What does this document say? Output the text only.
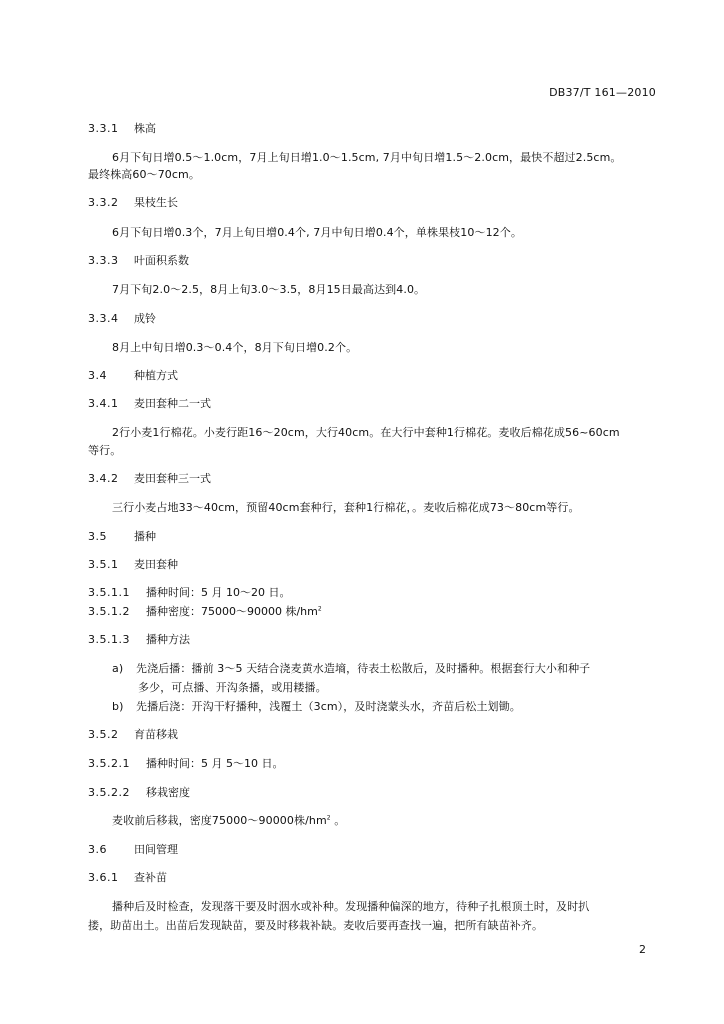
DB37/T 161—2010
3.3.1 株高
6月下旬日增0.5～1.0cm，7月上旬日增1.0～1.5cm, 7月中旬日增1.5～2.0cm，最快不超过2.5cm。
最终株高60～70cm。
3.3.2 果枝生长
6月下旬日增0.3个，7月上旬日增0.4个, 7月中旬日增0.4个，单株果枝10～12个。
3.3.3 叶面积系数
7月下旬2.0～2.5，8月上旬3.0～3.5，8月15日最高达到4.0。
3.3.4 成铃
8月上中旬日增0.3～0.4个，8月下旬日增0.2个。
3.4 种植方式
3.4.1 麦田套种二一式
2行小麦1行棉花。小麦行距16～20cm，大行40cm。在大行中套种1行棉花。麦收后棉花成56~60cm
等行。
3.4.2 麦田套种三一式
三行小麦占地33～40cm，预留40cm套种行，套种1行棉花，。麦收后棉花成73～80cm等行。
3.5 播种
3.5.1 麦田套种
3.5.1.1 播种时间：5 月 10～20 日。
3.5.1.2 播种密度：75000～90000 株$/hm^2$
3.5.1.3 播种方法
a) 先浇后播：播前 3～5 天结合浇麦黄水造墒，待表土松散后，及时播种。根据套行大小和种子
多少，可点播、开沟条播，或用耧播。
b) 先播后浇：开沟干籽播种，浅覆土（3cm），及时浇蒙头水，齐苗后松土划锄。
3.5.2 育苗移栽
3.5.2.1 播种时间：5 月 5～10 日。
3.5.2.2 移栽密度
麦收前后移栽，密度75000～90000株$/hm^2$ 。
3.6 田间管理
3.6.1 查补苗
播种后及时检查，发现落干要及时洇水或补种。发现播种偏深的地方，待种子扎根顶土时，及时扒
搂，助苗出土。出苗后发现缺苗，要及时移栽补缺。麦收后要再查找一遍，把所有缺苗补齐。
2
